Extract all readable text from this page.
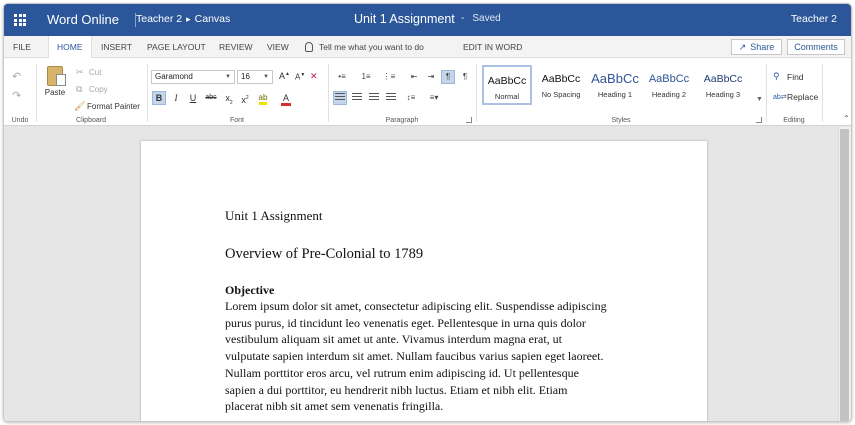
Word Online Teacher 2 ▸ Canvas	Unit 1 Assignment - Saved	Teacher 2
FILE	HOME	INSERT PAGE LAYOUT REVIEW VIEW	Tell me what you want to do	EDIT IN WORD	↗ Share	Comments
↶
↷
Undo	Clipboard
Paste
✂ Cut
⧉ Copy
🖌 Format Painter
Font
Garamond	▼	16 ▼ A▲ A▼ ✕
B	I	U	abc $x_2$ $x^2$	ab	A
Paragraph
•≡	1≡	⋮≡	⇤	⇥	¶	¶
↕≡	≡▾
Styles
AaBbCc
Normal
AaBbCc
No Spacing
AaBbCc
Heading 1
AaBbCc
Heading 2
AaBbCc
Heading 3
▼
Editing
⚲ Find
ab⇄ Replace
⌃
Unit 1 Assignment
Overview of Pre-Colonial to 1789
Objective
Lorem ipsum dolor sit amet, consectetur adipiscing elit. Suspendisse adipiscing
purus purus, id tincidunt leo venenatis eget. Pellentesque in urna quis dolor
vestibulum aliquam sit amet ut ante. Vivamus interdum magna erat, ut
vulputate sapien interdum sit amet. Nullam faucibus varius sapien eget laoreet.
Nullam porttitor eros arcu, vel rutrum enim adipiscing id. Ut pellentesque
sapien a dui porttitor, eu hendrerit nibh luctus. Etiam et nibh elit. Etiam
placerat nibh sit amet sem venenatis fringilla.
